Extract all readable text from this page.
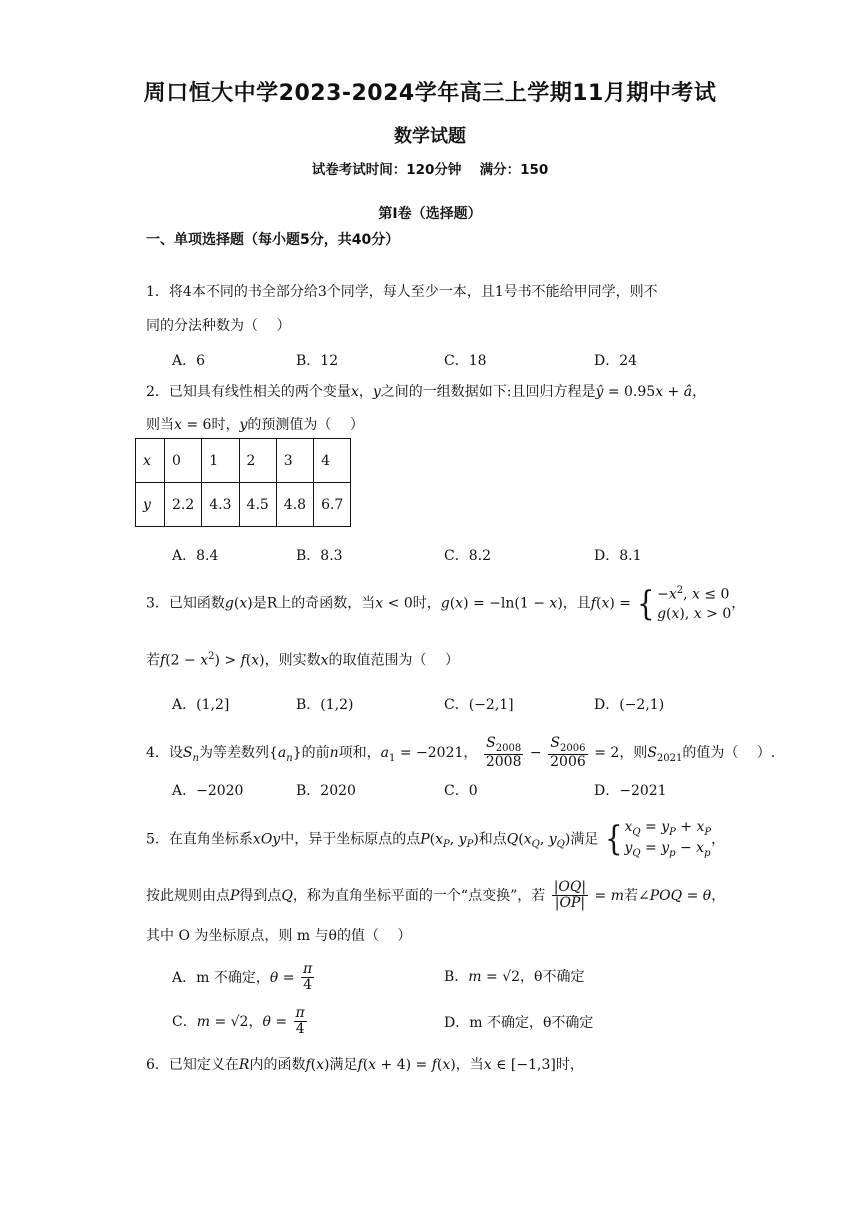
周口恒大中学2023-2024学年高三上学期11月期中考试
数学试题
试卷考试时间：120分钟　 满分：150
第Ⅰ卷（选择题）
一、单项选择题（每小题5分，共40分）
1．将4本不同的书全部分给3个同学，每人至少一本，且1号书不能给甲同学，则不
同的分法种数为（　 ）
A．6	B．12	C．18	D．24
2．已知具有线性相关的两个变量x，y之间的一组数据如下:且回归方程是ŷ = 0.95x + â，
则当x = 6时，y的预测值为（　 ）
x	0	1	2	3	4
y	2.2	4.3	4.5	4.8	6.7
A．8.4	B．8.3	C．8.2	D．8.1
3．已知函数g(x)是R上的奇函数，当x < 0时，g(x) = −ln(1 − x)，且f(x) = { $-x^2$, x ≤ 0
g(x), x > 0，
若$f(2 - x^2) > f(x)$，则实数x的取值范围为（　 ）
A．(1,2]	B．(1,2)	C．(−2,1]	D．(−2,1)
4．设$S_n$为等差数列$\{a_n\}$的前n项和，$a_1 = -2021$， $\frac{S_{2008}}{2008} - \frac{S_{2006}}{2006} = 2$，则$S_{2021}$的值为（　 ）.
A．−2020	B．2020	C．0	D．−2021
5．在直角坐标系xOy中，异于坐标原点的点$P(x_P$, $y_P$)和点$Q(x_Q$, $y_Q$)满足 { $x_Q = y_P + x_P$
$y_Q = y_p - x_p$，
按此规则由点P得到点Q，称为直角坐标平面的一个“点变换”，若 $\frac{|OQ|}{|OP|} = m$若∠POQ = θ，
其中 O 为坐标原点，则 m 与θ的值（　 ）
A．m 不确定，$\theta = \frac{\pi}{4}$	B．m = √2，θ不确定
C．m = √2，$\theta = \frac{\pi}{4}$	D．m 不确定，θ不确定
6．已知定义在R内的函数f(x)满足f(x + 4) = f(x)，当x ∈ [−1,3]时，
